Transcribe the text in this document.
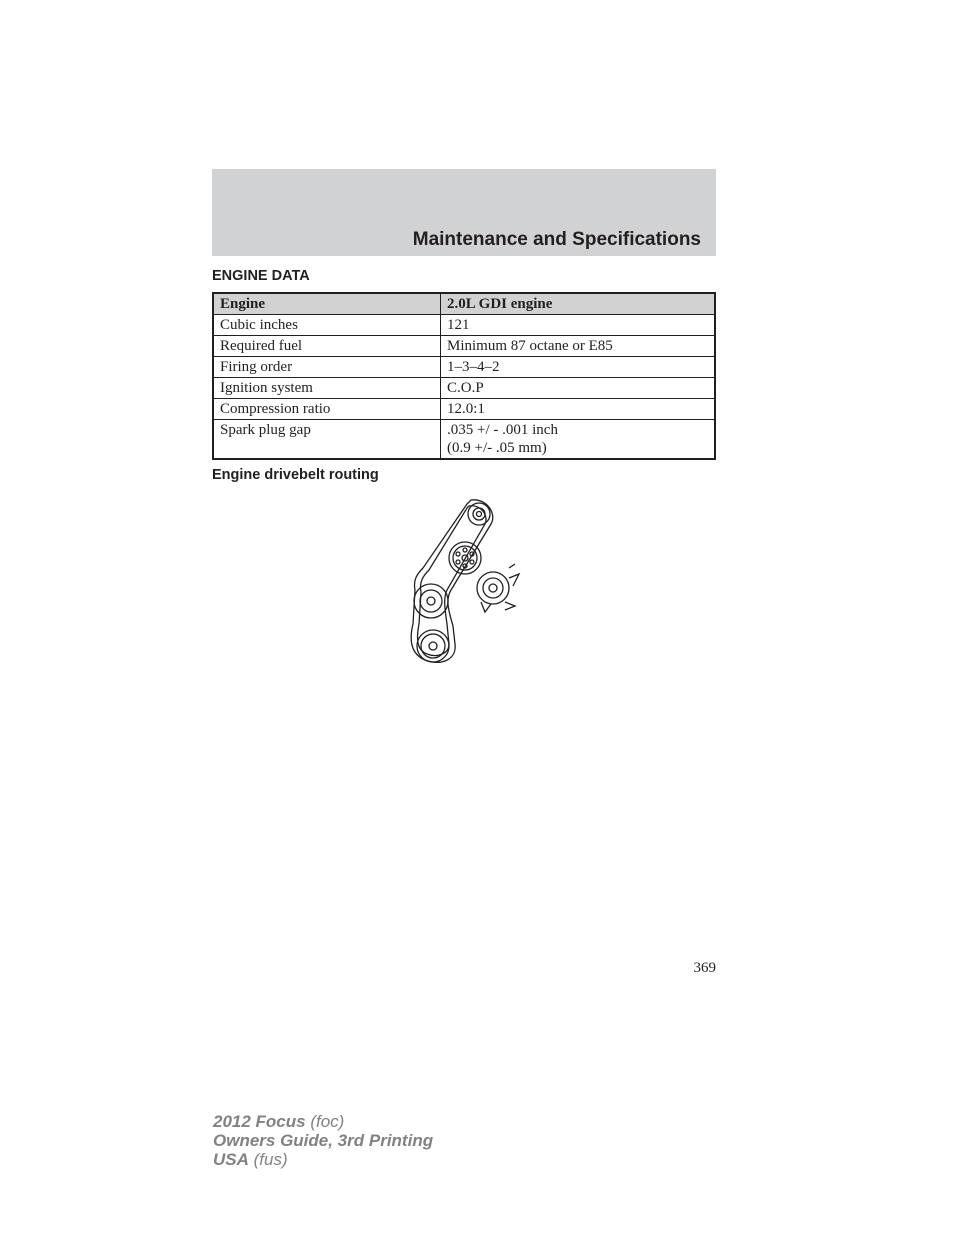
Maintenance and Specifications
ENGINE DATA
Engine	2.0L GDI engine
Cubic inches	121
Required fuel	Minimum 87 octane or E85
Firing order	1–3–4–2
Ignition system	C.O.P
Compression ratio	12.0:1
Spark plug gap	.035 +/ - .001 inch
(0.9 +/- .05 mm)
Engine drivebelt routing
369
2012 Focus (foc)
Owners Guide, 3rd Printing
USA (fus)
